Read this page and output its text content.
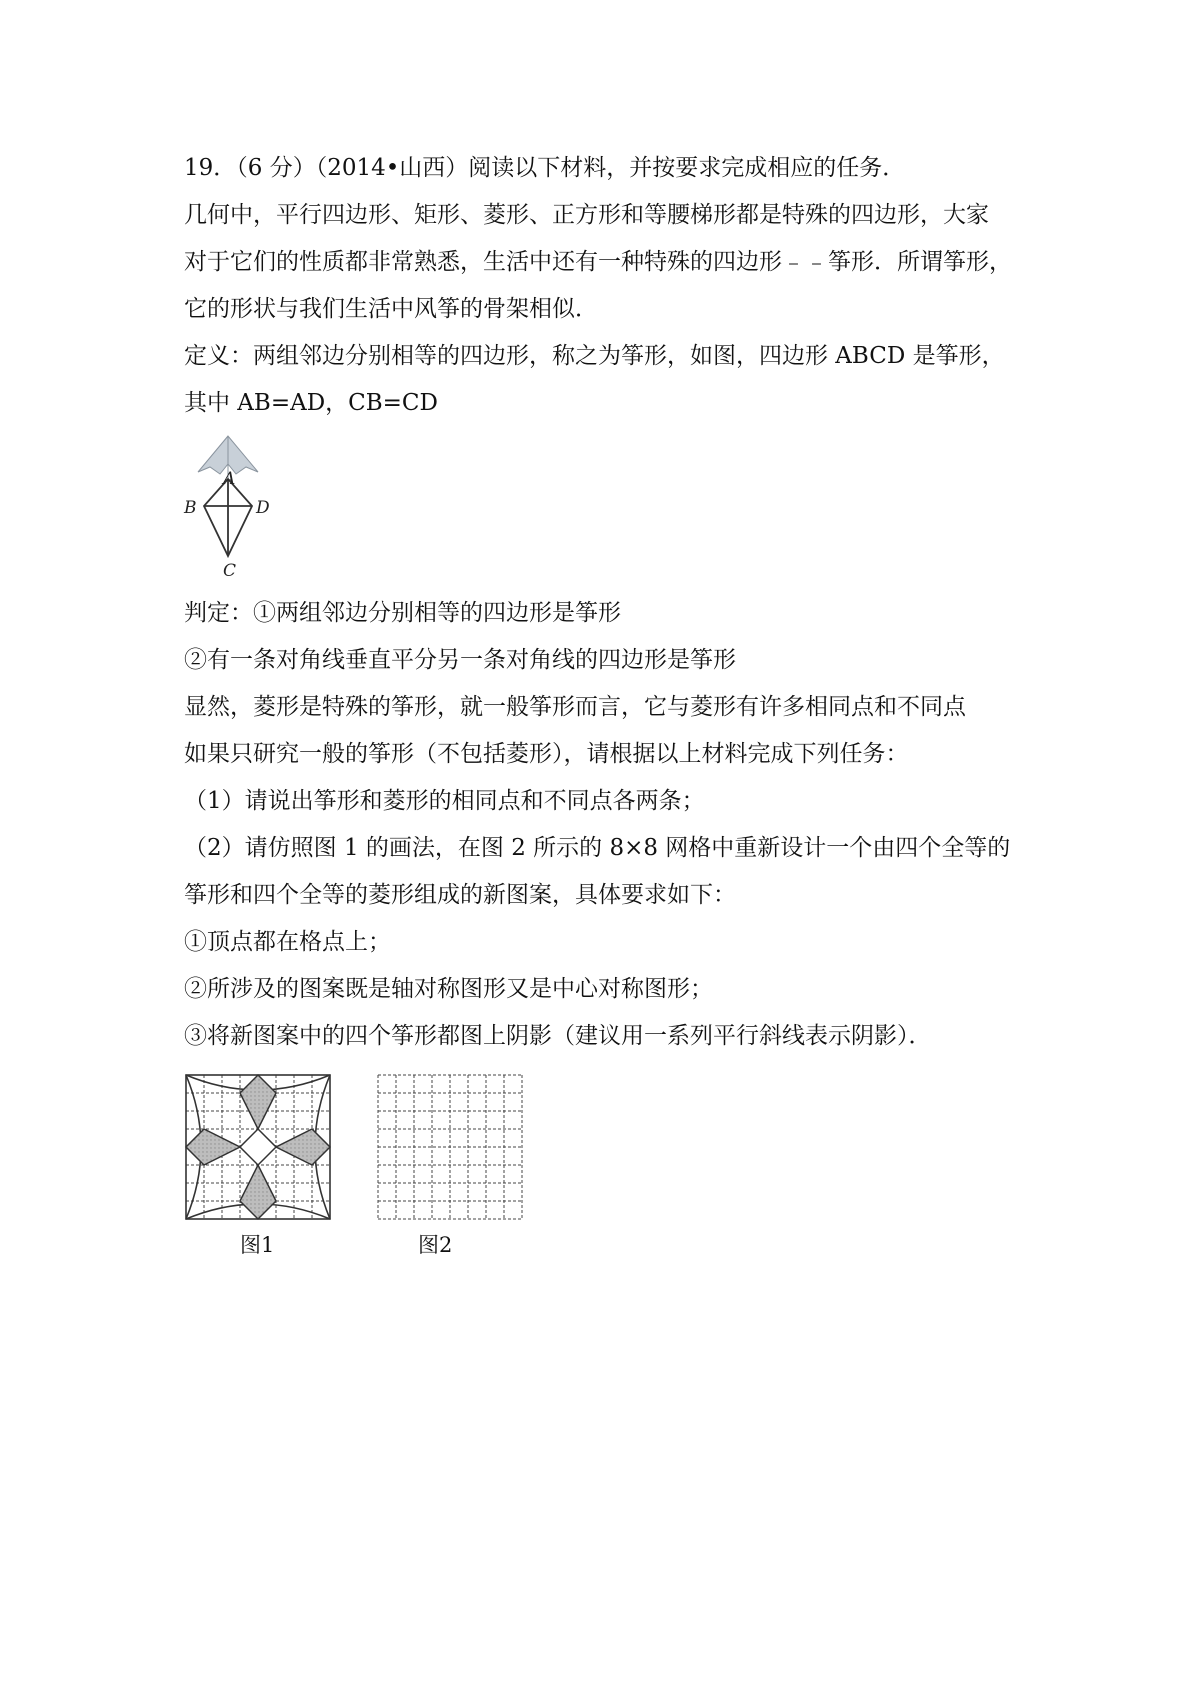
19．（6 分）（2014•山西）阅读以下材料，并按要求完成相应的任务．

几何中，平行四边形、矩形、菱形、正方形和等腰梯形都是特殊的四边形，大家

对于它们的性质都非常熟悉，生活中还有一种特殊的四边形﹣﹣筝形．所谓筝形，

它的形状与我们生活中风筝的骨架相似．

定义：两组邻边分别相等的四边形，称之为筝形，如图，四边形 ABCD 是筝形，

其中 AB=AD，CB=CD

A
B	D
C

判定：①两组邻边分别相等的四边形是筝形

②有一条对角线垂直平分另一条对角线的四边形是筝形

显然，菱形是特殊的筝形，就一般筝形而言，它与菱形有许多相同点和不同点

如果只研究一般的筝形（不包括菱形），请根据以上材料完成下列任务：

（1）请说出筝形和菱形的相同点和不同点各两条；

（2）请仿照图 1 的画法，在图 2 所示的 8×8 网格中重新设计一个由四个全等的

筝形和四个全等的菱形组成的新图案，具体要求如下：

①顶点都在格点上；

②所涉及的图案既是轴对称图形又是中心对称图形；

③将新图案中的四个筝形都图上阴影（建议用一系列平行斜线表示阴影）．

图1	图2
